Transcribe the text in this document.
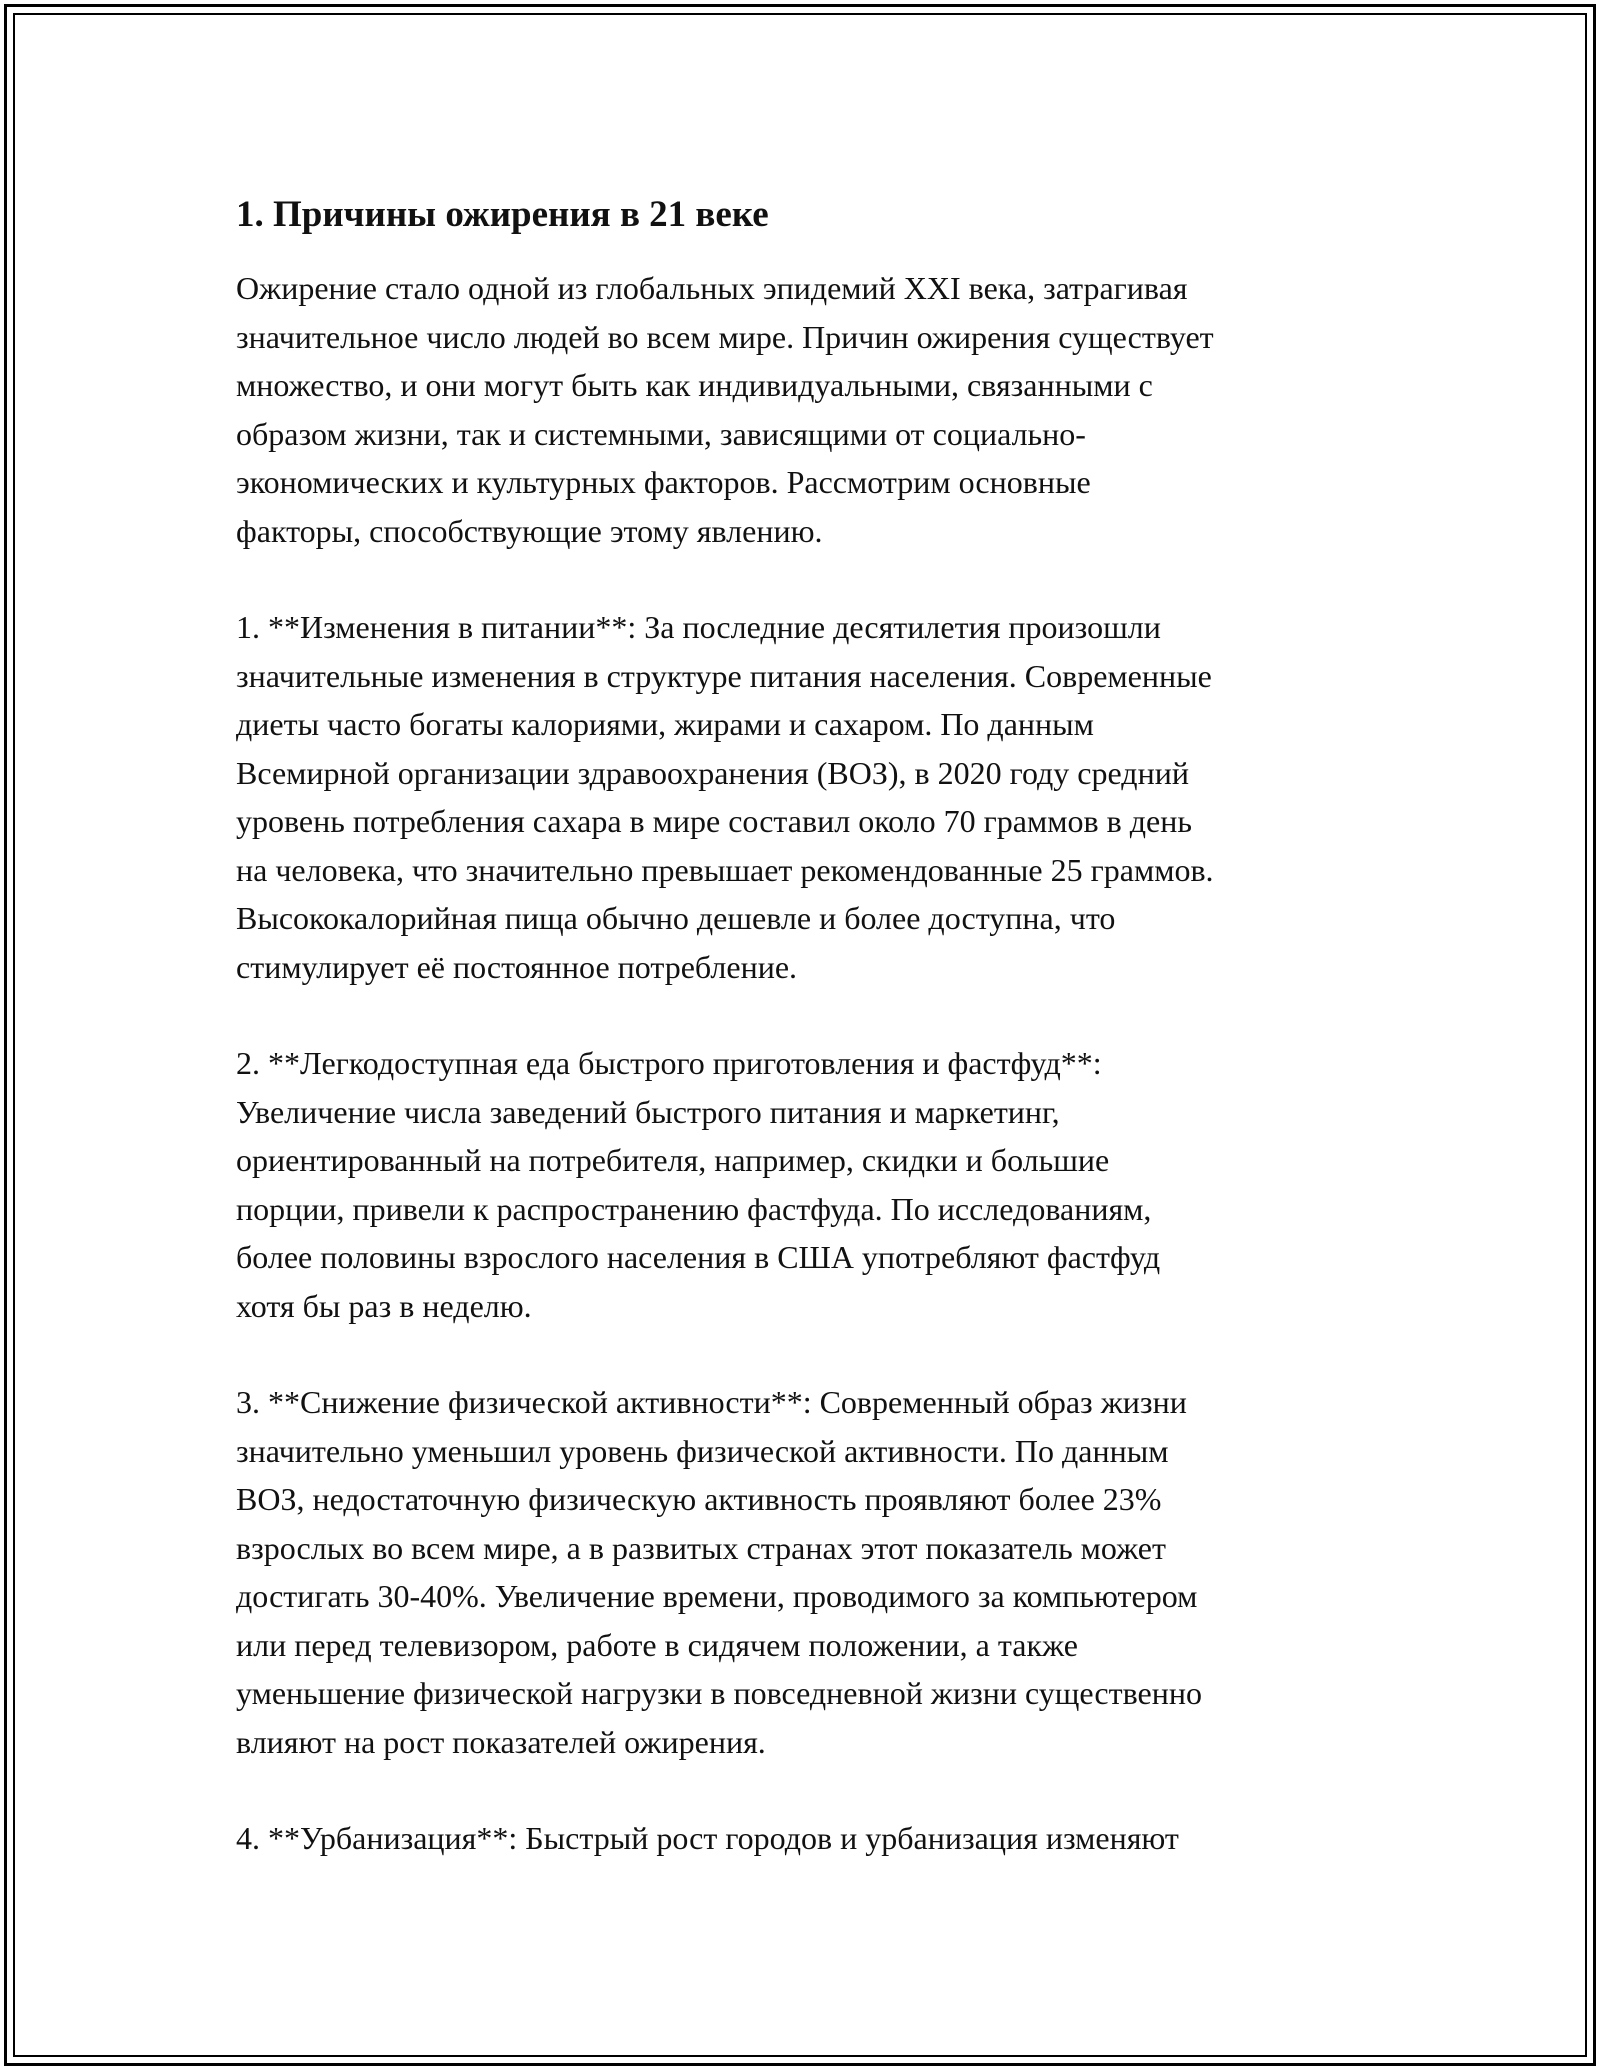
1. Причины ожирения в 21 веке

Ожирение стало одной из глобальных эпидемий XXI века, затрагивая
значительное число людей во всем мире. Причин ожирения существует
множество, и они могут быть как индивидуальными, связанными с
образом жизни, так и системными, зависящими от социально-
экономических и культурных факторов. Рассмотрим основные
факторы, способствующие этому явлению.

1. **Изменения в питании**: За последние десятилетия произошли
значительные изменения в структуре питания населения. Современные
диеты часто богаты калориями, жирами и сахаром. По данным
Всемирной организации здравоохранения (ВОЗ), в 2020 году средний
уровень потребления сахара в мире составил около 70 граммов в день
на человека, что значительно превышает рекомендованные 25 граммов.
Высококалорийная пища обычно дешевле и более доступна, что
стимулирует её постоянное потребление.

2. **Легкодоступная еда быстрого приготовления и фастфуд**:
Увеличение числа заведений быстрого питания и маркетинг,
ориентированный на потребителя, например, скидки и большие
порции, привели к распространению фастфуда. По исследованиям,
более половины взрослого населения в США употребляют фастфуд
хотя бы раз в неделю.

3. **Снижение физической активности**: Современный образ жизни
значительно уменьшил уровень физической активности. По данным
ВОЗ, недостаточную физическую активность проявляют более 23%
взрослых во всем мире, а в развитых странах этот показатель может
достигать 30-40%. Увеличение времени, проводимого за компьютером
или перед телевизором, работе в сидячем положении, а также
уменьшение физической нагрузки в повседневной жизни существенно
влияют на рост показателей ожирения.

4. **Урбанизация**: Быстрый рост городов и урбанизация изменяют
